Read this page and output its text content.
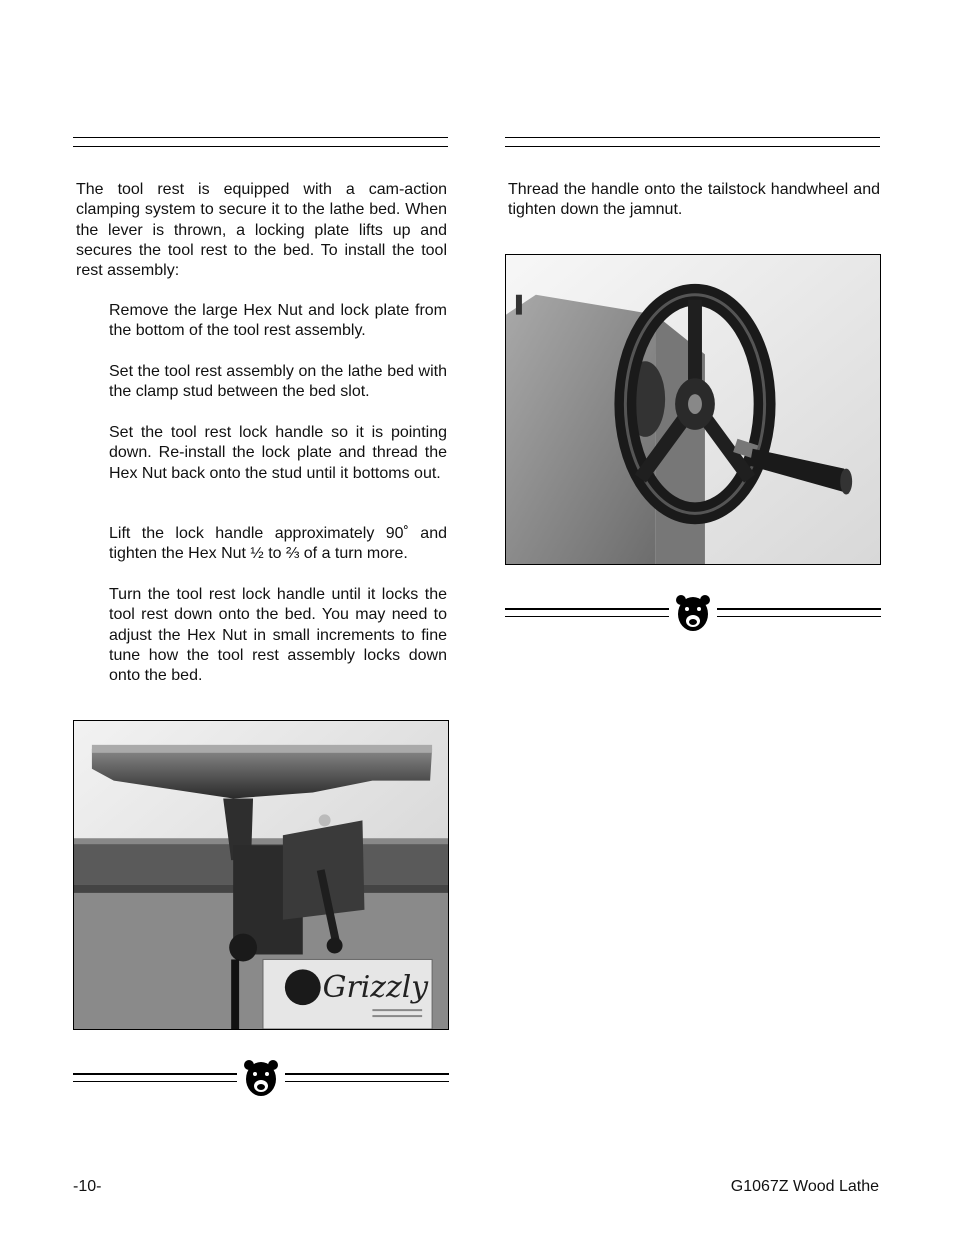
The tool rest is equipped with a cam-action clamping system to secure it to the lathe bed. When the lever is thrown, a locking plate lifts up and secures the tool rest to the bed. To install the tool rest assembly:
Remove the large Hex Nut and lock plate from the bottom of the tool rest assembly.
Set the tool rest assembly on the lathe bed with the clamp stud between the bed slot.
Set the tool rest lock handle so it is pointing down. Re-install the lock plate and thread the Hex Nut back onto the stud until it bottoms out.
Lift the lock handle approximately 90˚ and tighten the Hex Nut ½ to ⅔ of a turn more.
Turn the tool rest lock handle until it locks the tool rest down onto the bed. You may need to adjust the Hex Nut in small increments to fine tune how the tool rest assembly locks down onto the bed.
Grizzly
Thread the handle onto the tailstock handwheel and tighten down the jamnut.
-10-	G1067Z Wood Lathe
